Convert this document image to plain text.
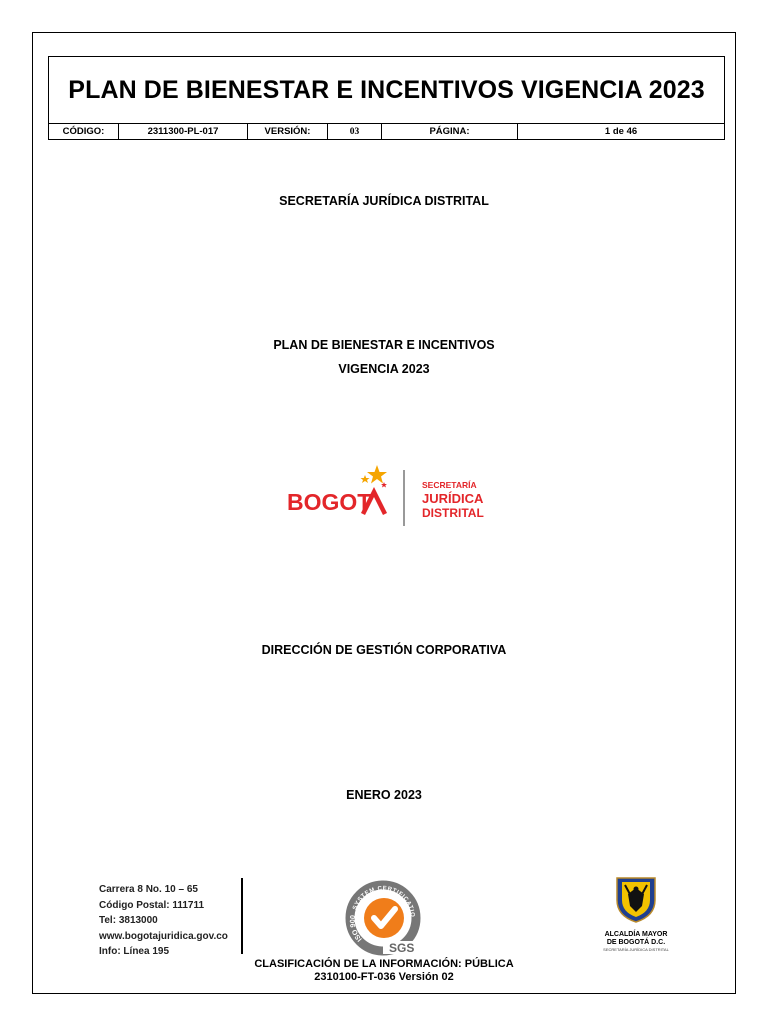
PLAN DE BIENESTAR E INCENTIVOS VIGENCIA 2023
CÓDIGO:	2311300-PL-017	VERSIÓN:	03	PÁGINA:	1 de 46
SECRETARÍA JURÍDICA DISTRITAL
PLAN DE BIENESTAR E INCENTIVOS
VIGENCIA 2023
BOGOT
SECRETARÍA
JURÍDICA
DISTRITAL
DIRECCIÓN DE GESTIÓN CORPORATIVA
ENERO 2023
Carrera 8 No. 10 – 65
Código Postal: 111711
Tel: 3813000
www.bogotajuridica.gov.co
Info: Línea 195
SYSTEM CERTIFICATIO
ISO 900
SGS
ALCALDÍA MAYOR
DE BOGOTÁ D.C.
SECRETARÍA JURÍDICA DISTRITAL
CLASIFICACIÓN DE LA INFORMACIÓN: PÚBLICA
2310100-FT-036 Versión 02
